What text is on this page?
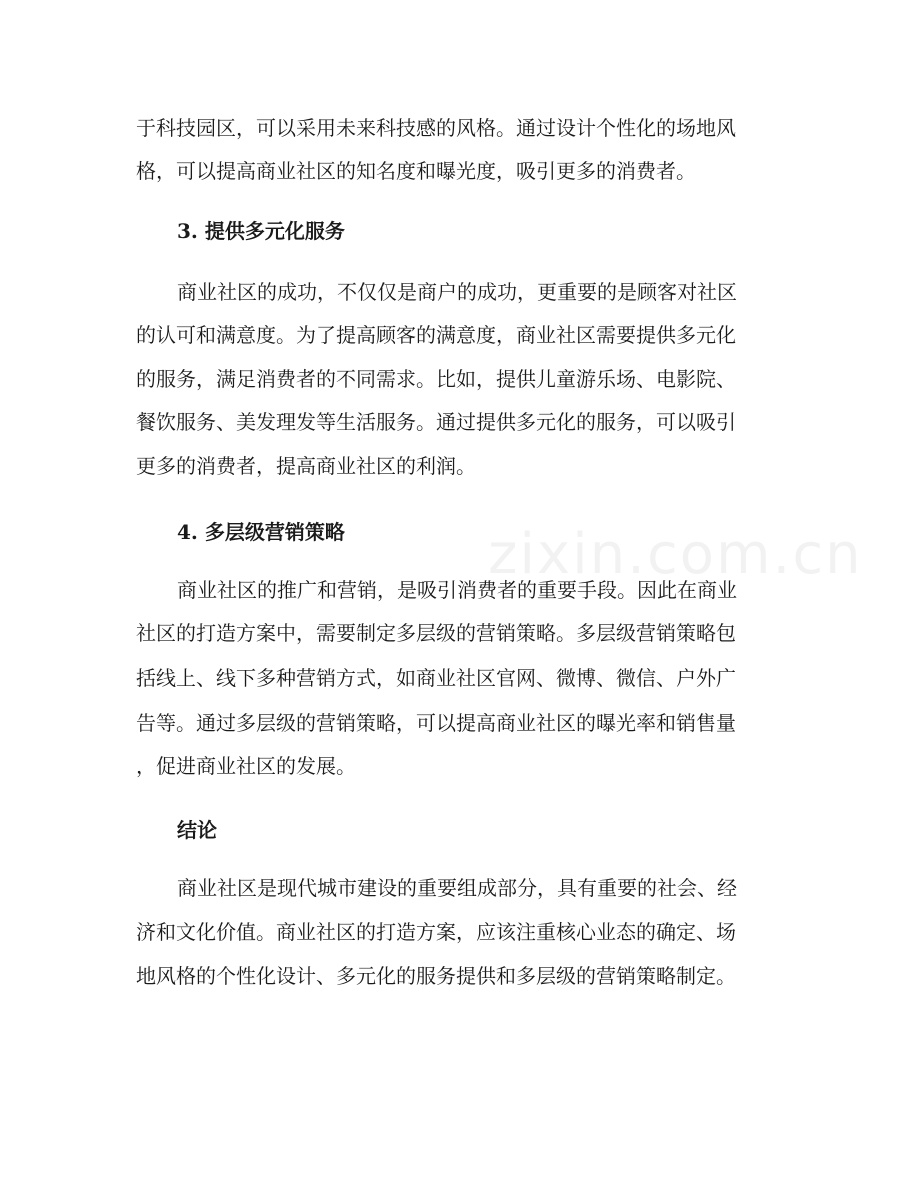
zixin.com.cn
于科技园区，可以采用未来科技感的风格。通过设计个性化的场地风
格，可以提高商业社区的知名度和曝光度，吸引更多的消费者。
3. 提供多元化服务
商业社区的成功，不仅仅是商户的成功，更重要的是顾客对社区
的认可和满意度。为了提高顾客的满意度，商业社区需要提供多元化
的服务，满足消费者的不同需求。比如，提供儿童游乐场、电影院、
餐饮服务、美发理发等生活服务。通过提供多元化的服务，可以吸引
更多的消费者，提高商业社区的利润。
4. 多层级营销策略
商业社区的推广和营销，是吸引消费者的重要手段。因此在商业
社区的打造方案中，需要制定多层级的营销策略。多层级营销策略包
括线上、线下多种营销方式，如商业社区官网、微博、微信、户外广
告等。通过多层级的营销策略，可以提高商业社区的曝光率和销售量
，促进商业社区的发展。
结论
商业社区是现代城市建设的重要组成部分，具有重要的社会、经
济和文化价值。商业社区的打造方案，应该注重核心业态的确定、场
地风格的个性化设计、多元化的服务提供和多层级的营销策略制定。
